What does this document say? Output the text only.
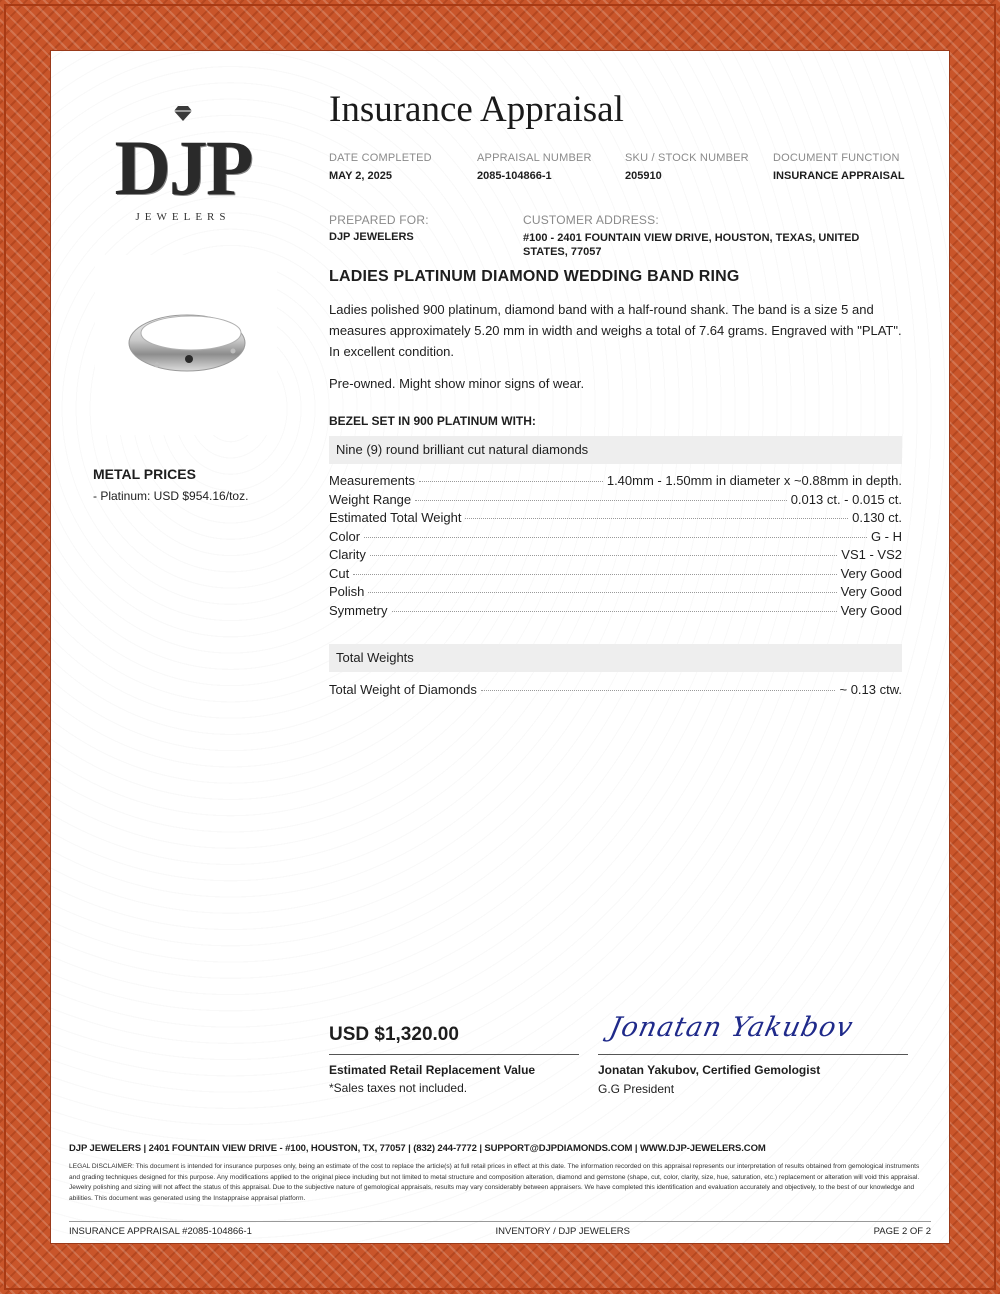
DJP
JEWELERS
Insurance Appraisal
DATE COMPLETED
MAY 2, 2025
APPRAISAL NUMBER
2085-104866-1
SKU / STOCK NUMBER
205910
DOCUMENT FUNCTION
INSURANCE APPRAISAL
PREPARED FOR:
DJP JEWELERS
CUSTOMER ADDRESS:
#100 - 2401 FOUNTAIN VIEW DRIVE, HOUSTON, TEXAS, UNITED STATES, 77057
METAL PRICES
- Platinum: USD $954.16/toz.
LADIES PLATINUM DIAMOND WEDDING BAND RING
Ladies polished 900 platinum, diamond band with a half-round shank. The band is a size 5 and measures approximately 5.20 mm in width and weighs a total of 7.64 grams. Engraved with "PLAT". In excellent condition.
Pre-owned. Might show minor signs of wear.
BEZEL SET IN 900 PLATINUM WITH:
Nine (9) round brilliant cut natural diamonds
Measurements	1.40mm - 1.50mm in diameter x ~0.88mm in depth.
Weight Range	0.013 ct. - 0.015 ct.
Estimated Total Weight	0.130 ct.
Color	G - H
Clarity	VS1 - VS2
Cut	Very Good
Polish	Very Good
Symmetry	Very Good
Total Weights
Total Weight of Diamonds	~ 0.13 ctw.
USD $1,320.00
Estimated Retail Replacement Value
*Sales taxes not included.
Jonatan Yakubov
Jonatan Yakubov, Certified Gemologist
G.G President
DJP JEWELERS | 2401 FOUNTAIN VIEW DRIVE - #100, HOUSTON, TX, 77057 | (832) 244-7772 | SUPPORT@DJPDIAMONDS.COM | WWW.DJP-JEWELERS.COM
LEGAL DISCLAIMER: This document is intended for insurance purposes only, being an estimate of the cost to replace the article(s) at full retail prices in effect at this date. The information recorded on this appraisal represents our interpretation of results obtained from gemological instruments and grading techniques designed for this purpose. Any modifications applied to the original piece including but not limited to metal structure and composition alteration, diamond and gemstone (shape, cut, color, clarity, size, hue, saturation, etc.) replacement or alteration will void this appraisal. Jewelry polishing and sizing will not affect the status of this appraisal. Due to the subjective nature of gemological appraisals, results may vary considerably between appraisers. We have completed this identification and evaluation accurately and objectively, to the best of our knowledge and abilities. This document was generated using the Instappraise appraisal platform.
INSURANCE APPRAISAL #2085-104866-1	INVENTORY / DJP JEWELERS	PAGE 2 OF 2
